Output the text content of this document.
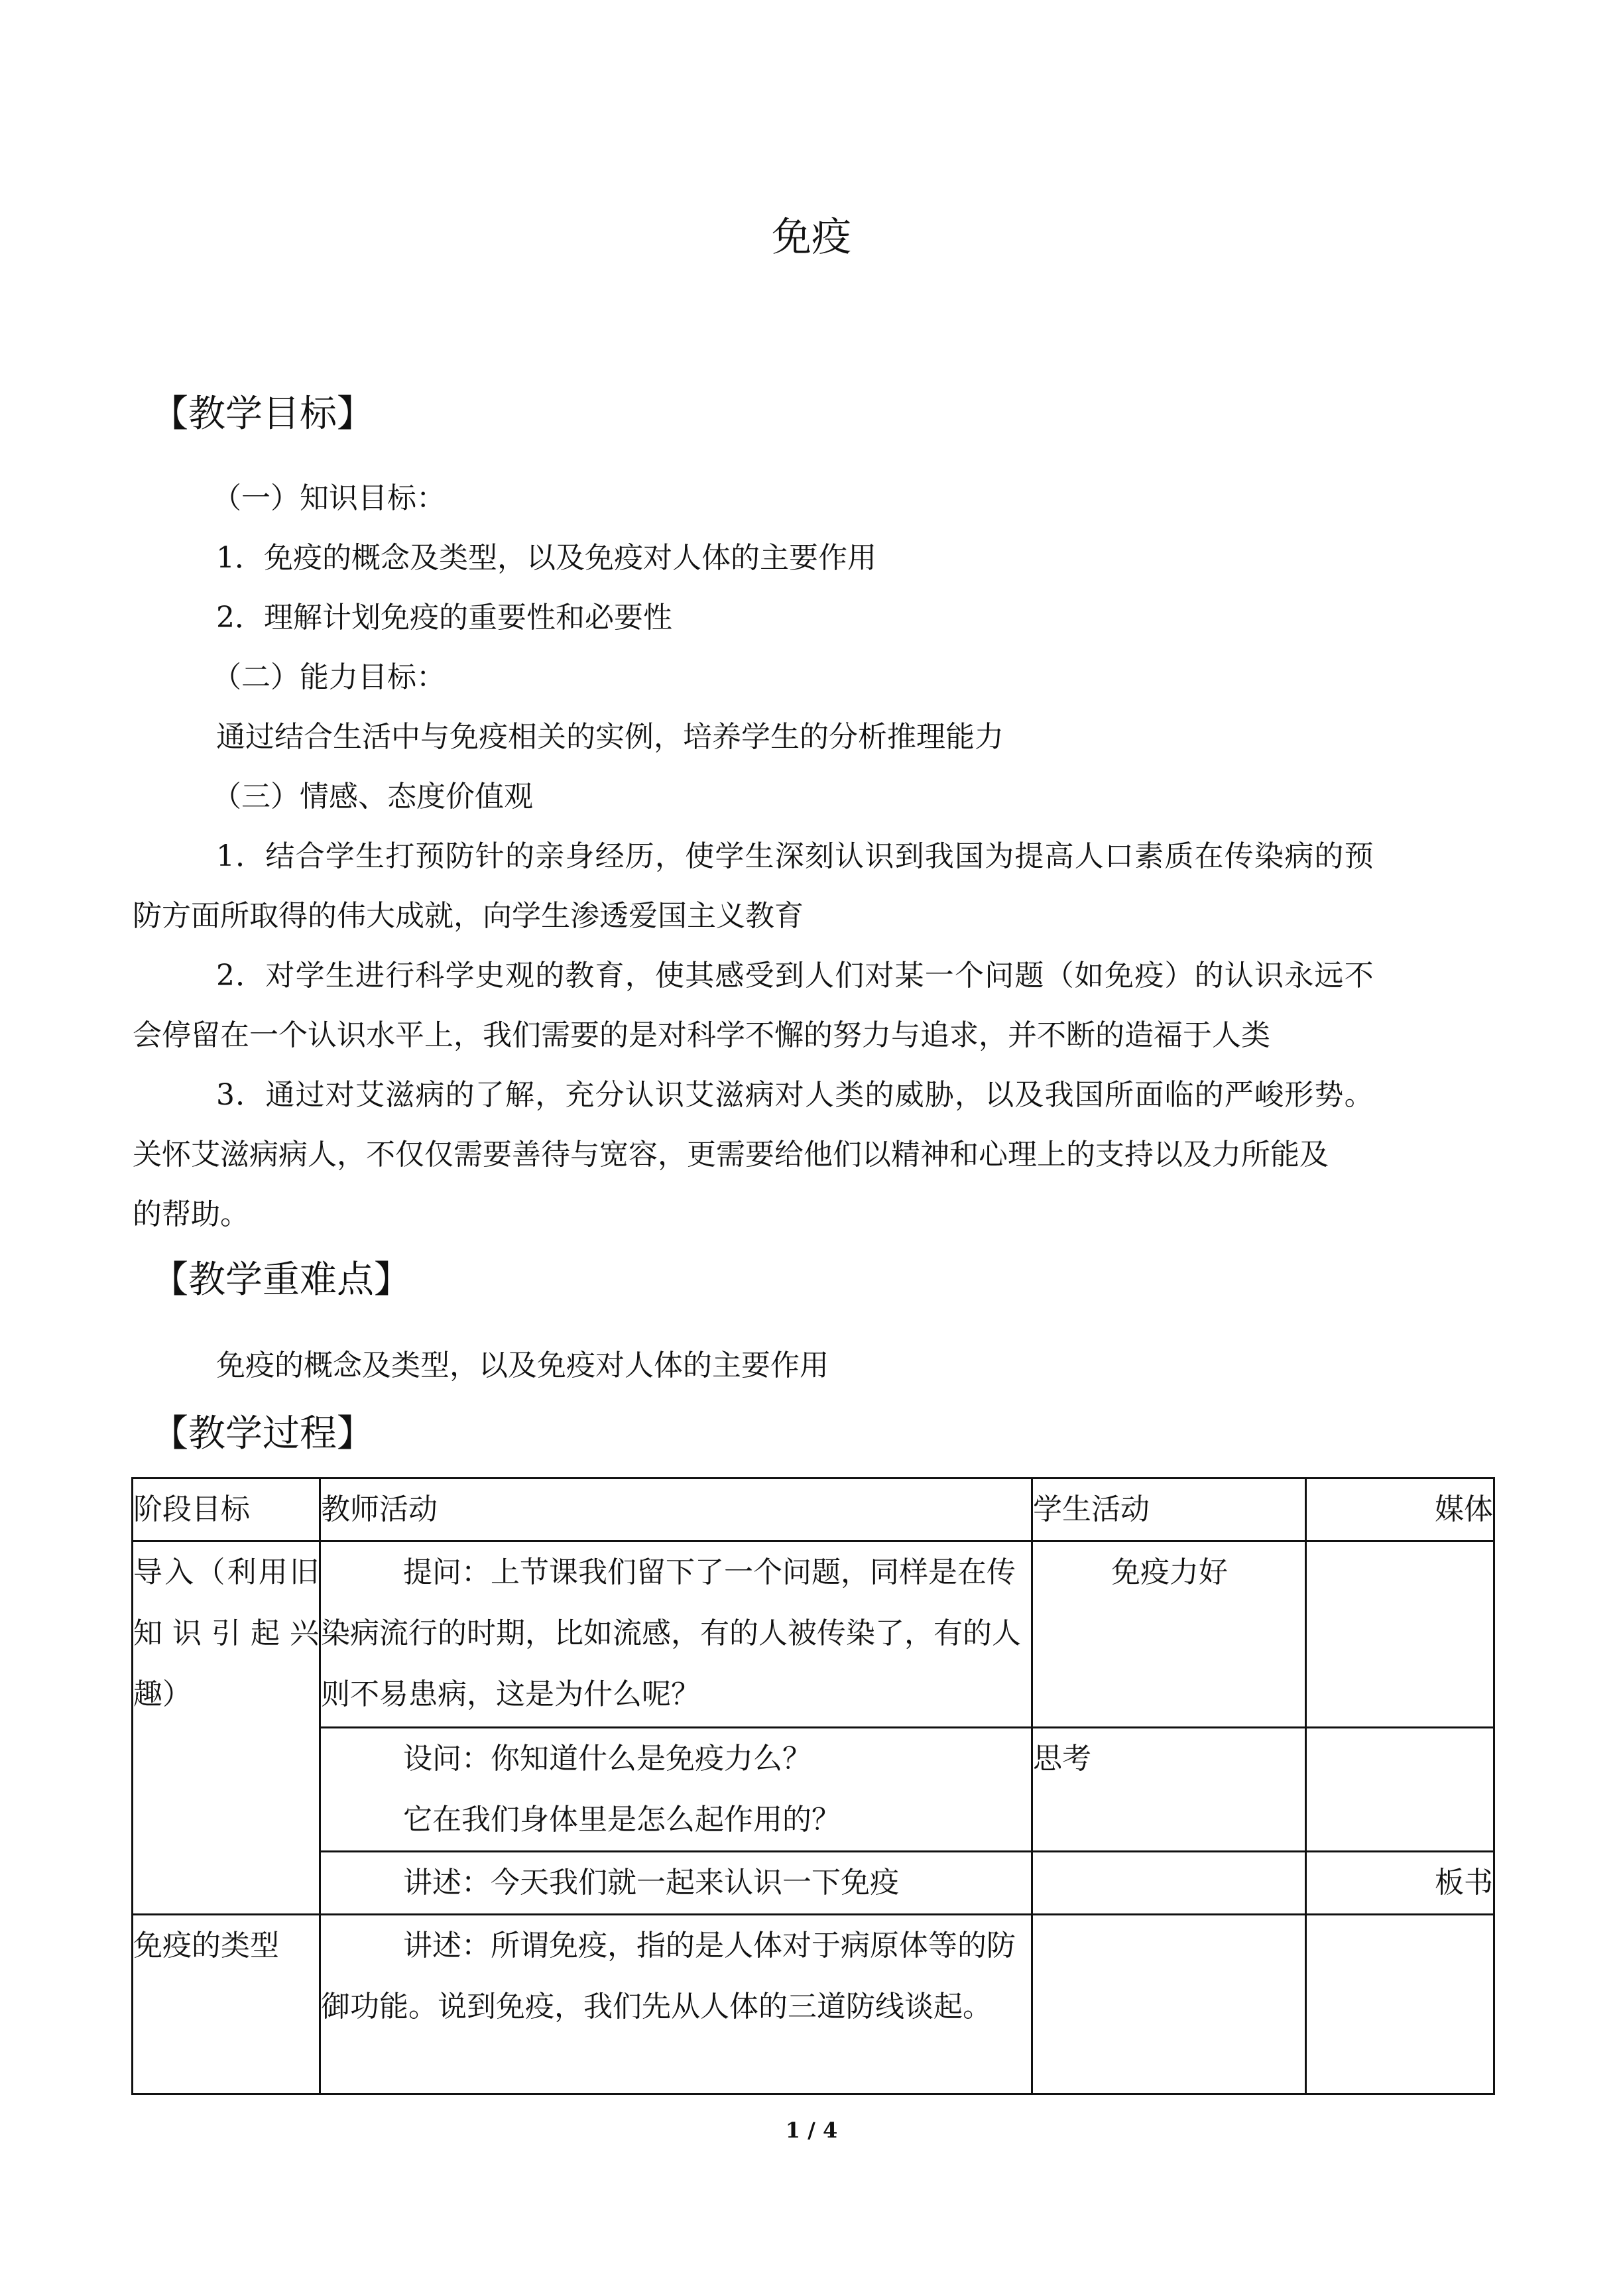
免疫
【教学目标】
（一）知识目标：
1．免疫的概念及类型，以及免疫对人体的主要作用
2．理解计划免疫的重要性和必要性
（二）能力目标：
通过结合生活中与免疫相关的实例，培养学生的分析推理能力
（三）情感、态度价值观
1．结合学生打预防针的亲身经历，使学生深刻认识到我国为提高人口素质在传染病的预
防方面所取得的伟大成就，向学生渗透爱国主义教育
2．对学生进行科学史观的教育，使其感受到人们对某一个问题（如免疫）的认识永远不
会停留在一个认识水平上，我们需要的是对科学不懈的努力与追求，并不断的造福于人类
3．通过对艾滋病的了解，充分认识艾滋病对人类的威胁，以及我国所面临的严峻形势。
关怀艾滋病病人，不仅仅需要善待与宽容，更需要给他们以精神和心理上的支持以及力所能及
的帮助。
【教学重难点】
免疫的概念及类型，以及免疫对人体的主要作用
【教学过程】
阶段目标	教师活动	学生活动	媒体
导入（利用旧知识引起兴趣）	提问：上节课我们留下了一个问题，同样是在传染病流行的时期，比如流感，有的人被传染了，有的人则不易患病，这是为什么呢？	免疫力好	

	设问：你知道什么是免疫力么？
它在我们身体里是怎么起作用的？	思考	

	讲述：今天我们就一起来认识一下免疫		板书
免疫的类型	讲述：所谓免疫，指的是人体对于病原体等的防御功能。说到免疫，我们先从人体的三道防线谈起。		

1 / 4
